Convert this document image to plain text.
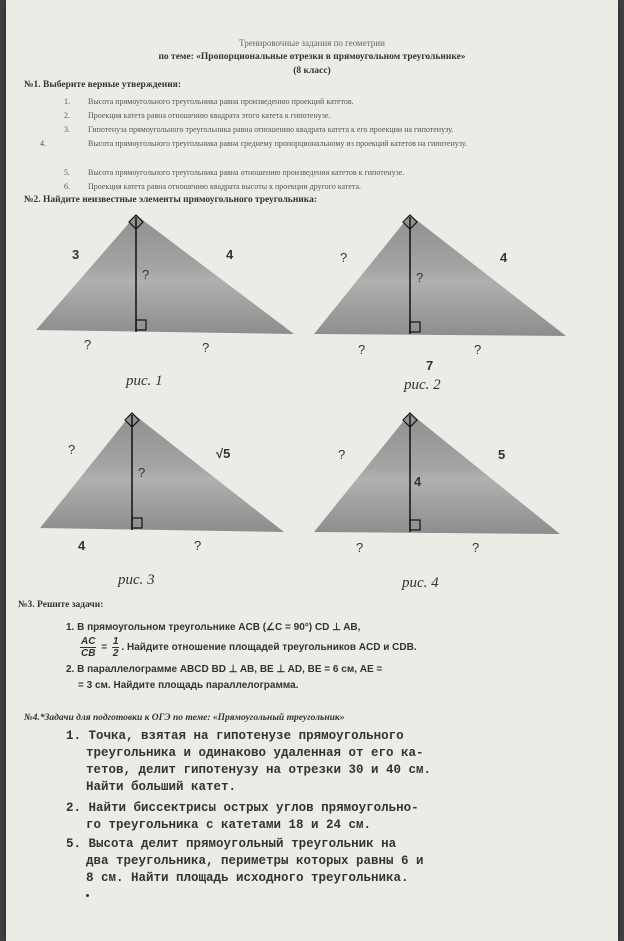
Тренировочные задания по геометрии
по теме: «Пропорциональные отрезки в прямоугольном треугольнике»
(8 класс)
№1. Выберите верные утверждения:
1. Высота прямоугольного треугольника равна произведению проекций катетов.
2. Проекция катета равна отношению квадрата этого катета к гипотенузе.
3. Гипотенуза прямоугольного треугольника равна отношению квадрата катета к его проекции на гипотенузу.
4.	Высота прямоугольного треугольника равна среднему пропорциональному из проекций катетов на гипотенузу.
5. Высота прямоугольного треугольника равна отношению произведения катетов к гипотенузе.
6. Проекция катета равна отношению квадрата высоты к проекции другого катета.
№2. Найдите неизвестные элементы прямоугольного треугольника:
3	4
?
?	?
рис. 1
?	4
?
?	?
7
рис. 2
?	√5
?
4	?
рис. 3
?	5
4
?	?
рис. 4
№3. Решите задачи:
1. В прямоугольном треугольнике ACB (∠C = 90°) CD ⊥ AB,
$\frac{AC}{CB} = \frac{1}{2}$ . Найдите отношение площадей треугольников ACD и CDB.
2. В параллелограмме ABCD BD ⊥ AB, BE ⊥ AD, BE = 6 см, AE =
= 3 см. Найдите площадь параллелограмма.
№4.*Задачи для подготовки к ОГЭ по теме: «Прямоугольный треугольник»
1. Точка, взятая на гипотенузе прямоугольного
треугольника и одинаково удаленная от его ка-
тетов, делит гипотенузу на отрезки 30 и 40 см.
Найти больший катет.
2. Найти биссектрисы острых углов прямоугольно-
го треугольника с катетами 18 и 24 см.
5. Высота делит прямоугольный треугольник на
два треугольника, периметры которых равны 6 и
8 см. Найти площадь исходного треугольника.
